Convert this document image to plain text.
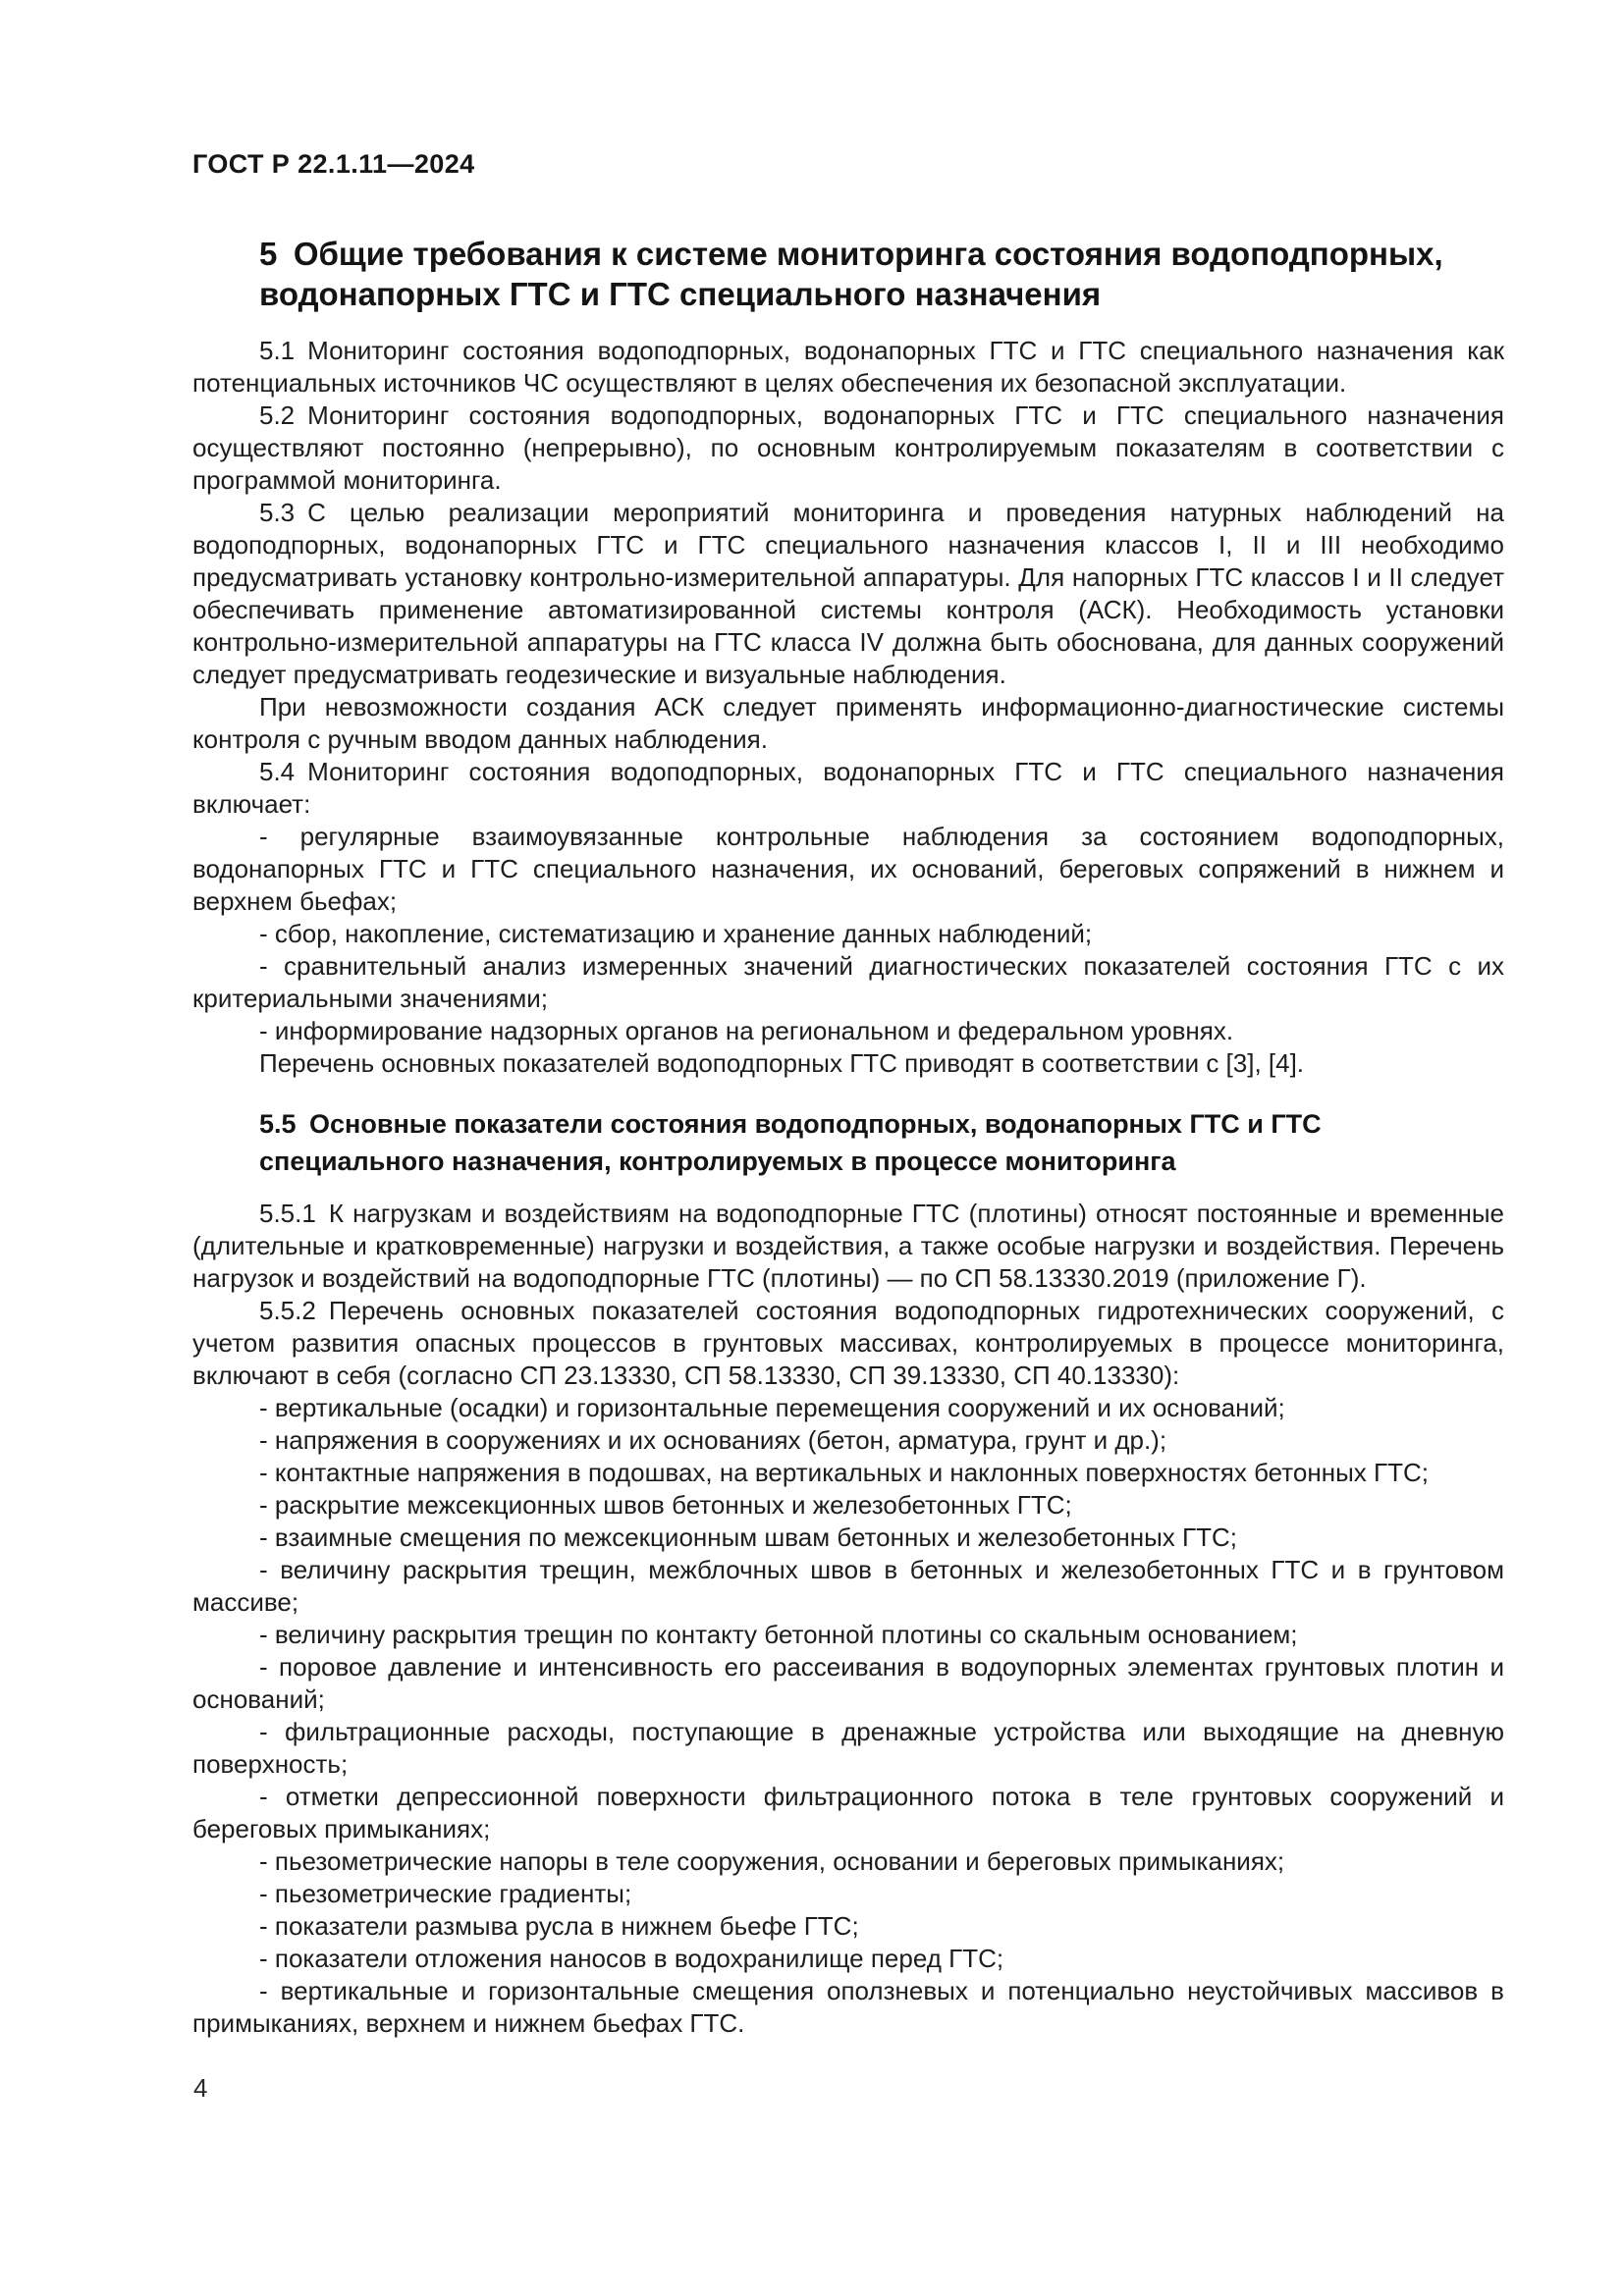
ГОСТ Р 22.1.11—2024
5 Общие требования к системе мониторинга состояния водоподпорных, водонапорных ГТС и ГТС специального назначения

5.1 Мониторинг состояния водоподпорных, водонапорных ГТС и ГТС специального назначения как потенциальных источников ЧС осуществляют в целях обеспечения их безопасной эксплуатации.

5.2 Мониторинг состояния водоподпорных, водонапорных ГТС и ГТС специального назначения осуществляют постоянно (непрерывно), по основным контролируемым показателям в соответствии с программой мониторинга.

5.3 С целью реализации мероприятий мониторинга и проведения натурных наблюдений на водоподпорных, водонапорных ГТС и ГТС специального назначения классов I, II и III необходимо предусматривать установку контрольно-измерительной аппаратуры. Для напорных ГТС классов I и II следует обеспечивать применение автоматизированной системы контроля (АСК). Необходимость установки контрольно-измерительной аппаратуры на ГТС класса IV должна быть обоснована, для данных сооружений следует предусматривать геодезические и визуальные наблюдения.

При невозможности создания АСК следует применять информационно-диагностические системы контроля с ручным вводом данных наблюдения.

5.4 Мониторинг состояния водоподпорных, водонапорных ГТС и ГТС специального назначения включает:

- регулярные взаимоувязанные контрольные наблюдения за состоянием водоподпорных, водонапорных ГТС и ГТС специального назначения, их оснований, береговых сопряжений в нижнем и верхнем бьефах;

- сбор, накопление, систематизацию и хранение данных наблюдений;

- сравнительный анализ измеренных значений диагностических показателей состояния ГТС с их критериальными значениями;

- информирование надзорных органов на региональном и федеральном уровнях.

Перечень основных показателей водоподпорных ГТС приводят в соответствии с [3], [4].

5.5 Основные показатели состояния водоподпорных, водонапорных ГТС и ГТС специального назначения, контролируемых в процессе мониторинга

5.5.1 К нагрузкам и воздействиям на водоподпорные ГТС (плотины) относят постоянные и временные (длительные и кратковременные) нагрузки и воздействия, а также особые нагрузки и воздействия. Перечень нагрузок и воздействий на водоподпорные ГТС (плотины) — по СП 58.13330.2019 (приложение Г).

5.5.2 Перечень основных показателей состояния водоподпорных гидротехнических сооружений, с учетом развития опасных процессов в грунтовых массивах, контролируемых в процессе мониторинга, включают в себя (согласно СП 23.13330, СП 58.13330, СП 39.13330, СП 40.13330):

- вертикальные (осадки) и горизонтальные перемещения сооружений и их оснований;

- напряжения в сооружениях и их основаниях (бетон, арматура, грунт и др.);

- контактные напряжения в подошвах, на вертикальных и наклонных поверхностях бетонных ГТС;

- раскрытие межсекционных швов бетонных и железобетонных ГТС;

- взаимные смещения по межсекционным швам бетонных и железобетонных ГТС;

- величину раскрытия трещин, межблочных швов в бетонных и железобетонных ГТС и в грунтовом массиве;

- величину раскрытия трещин по контакту бетонной плотины со скальным основанием;

- поровое давление и интенсивность его рассеивания в водоупорных элементах грунтовых плотин и оснований;

- фильтрационные расходы, поступающие в дренажные устройства или выходящие на дневную поверхность;

- отметки депрессионной поверхности фильтрационного потока в теле грунтовых сооружений и береговых примыканиях;

- пьезометрические напоры в теле сооружения, основании и береговых примыканиях;

- пьезометрические градиенты;

- показатели размыва русла в нижнем бьефе ГТС;

- показатели отложения наносов в водохранилище перед ГТС;

- вертикальные и горизонтальные смещения оползневых и потенциально неустойчивых массивов в примыканиях, верхнем и нижнем бьефах ГТС.

4
